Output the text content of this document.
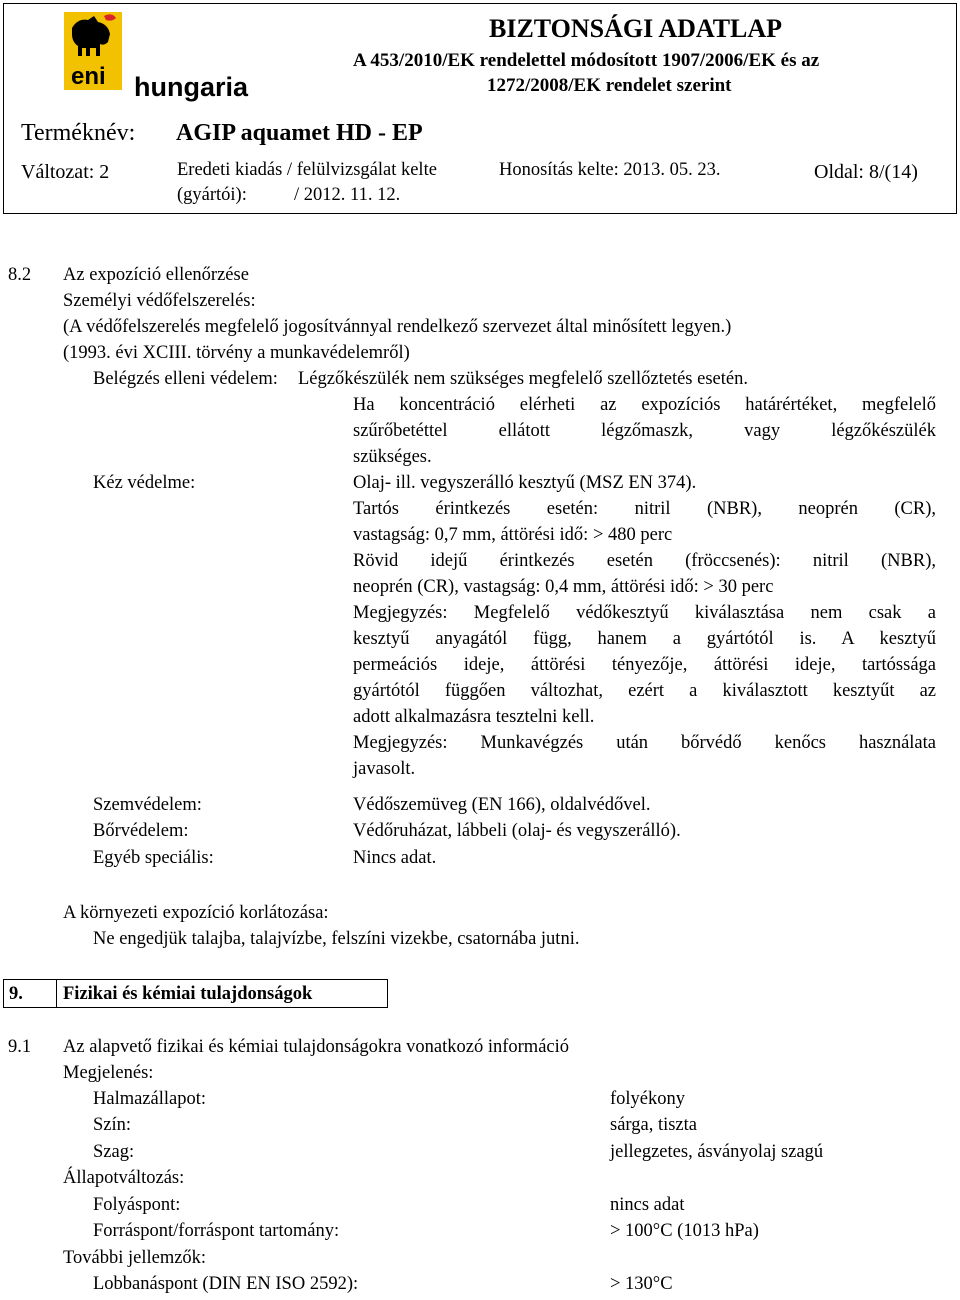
eni hungaria
BIZTONSÁGI ADATLAP
A 453/2010/EK rendelettel módosított 1907/2006/EK és az
1272/2008/EK rendelet szerint
Terméknév: AGIP aquamet HD - EP
Változat: 2	Eredeti kiadás / felülvizsgálat kelte
(gyártói):	/ 2012. 11. 12.
Honosítás kelte: 2013. 05. 23.	Oldal: 8/(14)
8.2 Az expozíció ellenőrzése
Személyi védőfelszerelés:
(A védőfelszerelés megfelelő jogosítvánnyal rendelkező szervezet által minősített legyen.)
(1993. évi XCIII. törvény a munkavédelemről)
Belégzés elleni védelem: Légzőkészülék nem szükséges megfelelő szellőztetés esetén.
Ha koncentráció elérheti az expozíciós határértéket, megfelelő
szűrőbetéttel ellátott légzőmaszk, vagy légzőkészülék
szükséges.
Kéz védelme:	Olaj- ill. vegyszerálló kesztyű (MSZ EN 374).
Tartós érintkezés esetén: nitril (NBR), neoprén (CR),
vastagság: 0,7 mm, áttörési idő: > 480 perc
Rövid idejű érintkezés esetén (fröccsenés): nitril (NBR),
neoprén (CR), vastagság: 0,4 mm, áttörési idő: > 30 perc
Megjegyzés: Megfelelő védőkesztyű kiválasztása nem csak a
kesztyű anyagától függ, hanem a gyártótól is. A kesztyű
permeációs ideje, áttörési tényezője, áttörési ideje, tartóssága
gyártótól függően változhat, ezért a kiválasztott kesztyűt az
adott alkalmazásra tesztelni kell.
Megjegyzés: Munkavégzés után bőrvédő kenőcs használata
javasolt.
Szemvédelem:	Védőszemüveg (EN 166), oldalvédővel.
Bőrvédelem:	Védőruházat, lábbeli (olaj- és vegyszerálló).
Egyéb speciális:	Nincs adat.
A környezeti expozíció korlátozása:
Ne engedjük talajba, talajvízbe, felszíni vizekbe, csatornába jutni.
9. Fizikai és kémiai tulajdonságok
9.1 Az alapvető fizikai és kémiai tulajdonságokra vonatkozó információ
Megjelenés:
Halmazállapot:	folyékony
Szín:	sárga, tiszta
Szag:	jellegzetes, ásványolaj szagú
Állapotváltozás:
Folyáspont:	nincs adat
Forráspont/forráspont tartomány:	> 100°C (1013 hPa)
További jellemzők:
Lobbanáspont (DIN EN ISO 2592):	> 130°C
